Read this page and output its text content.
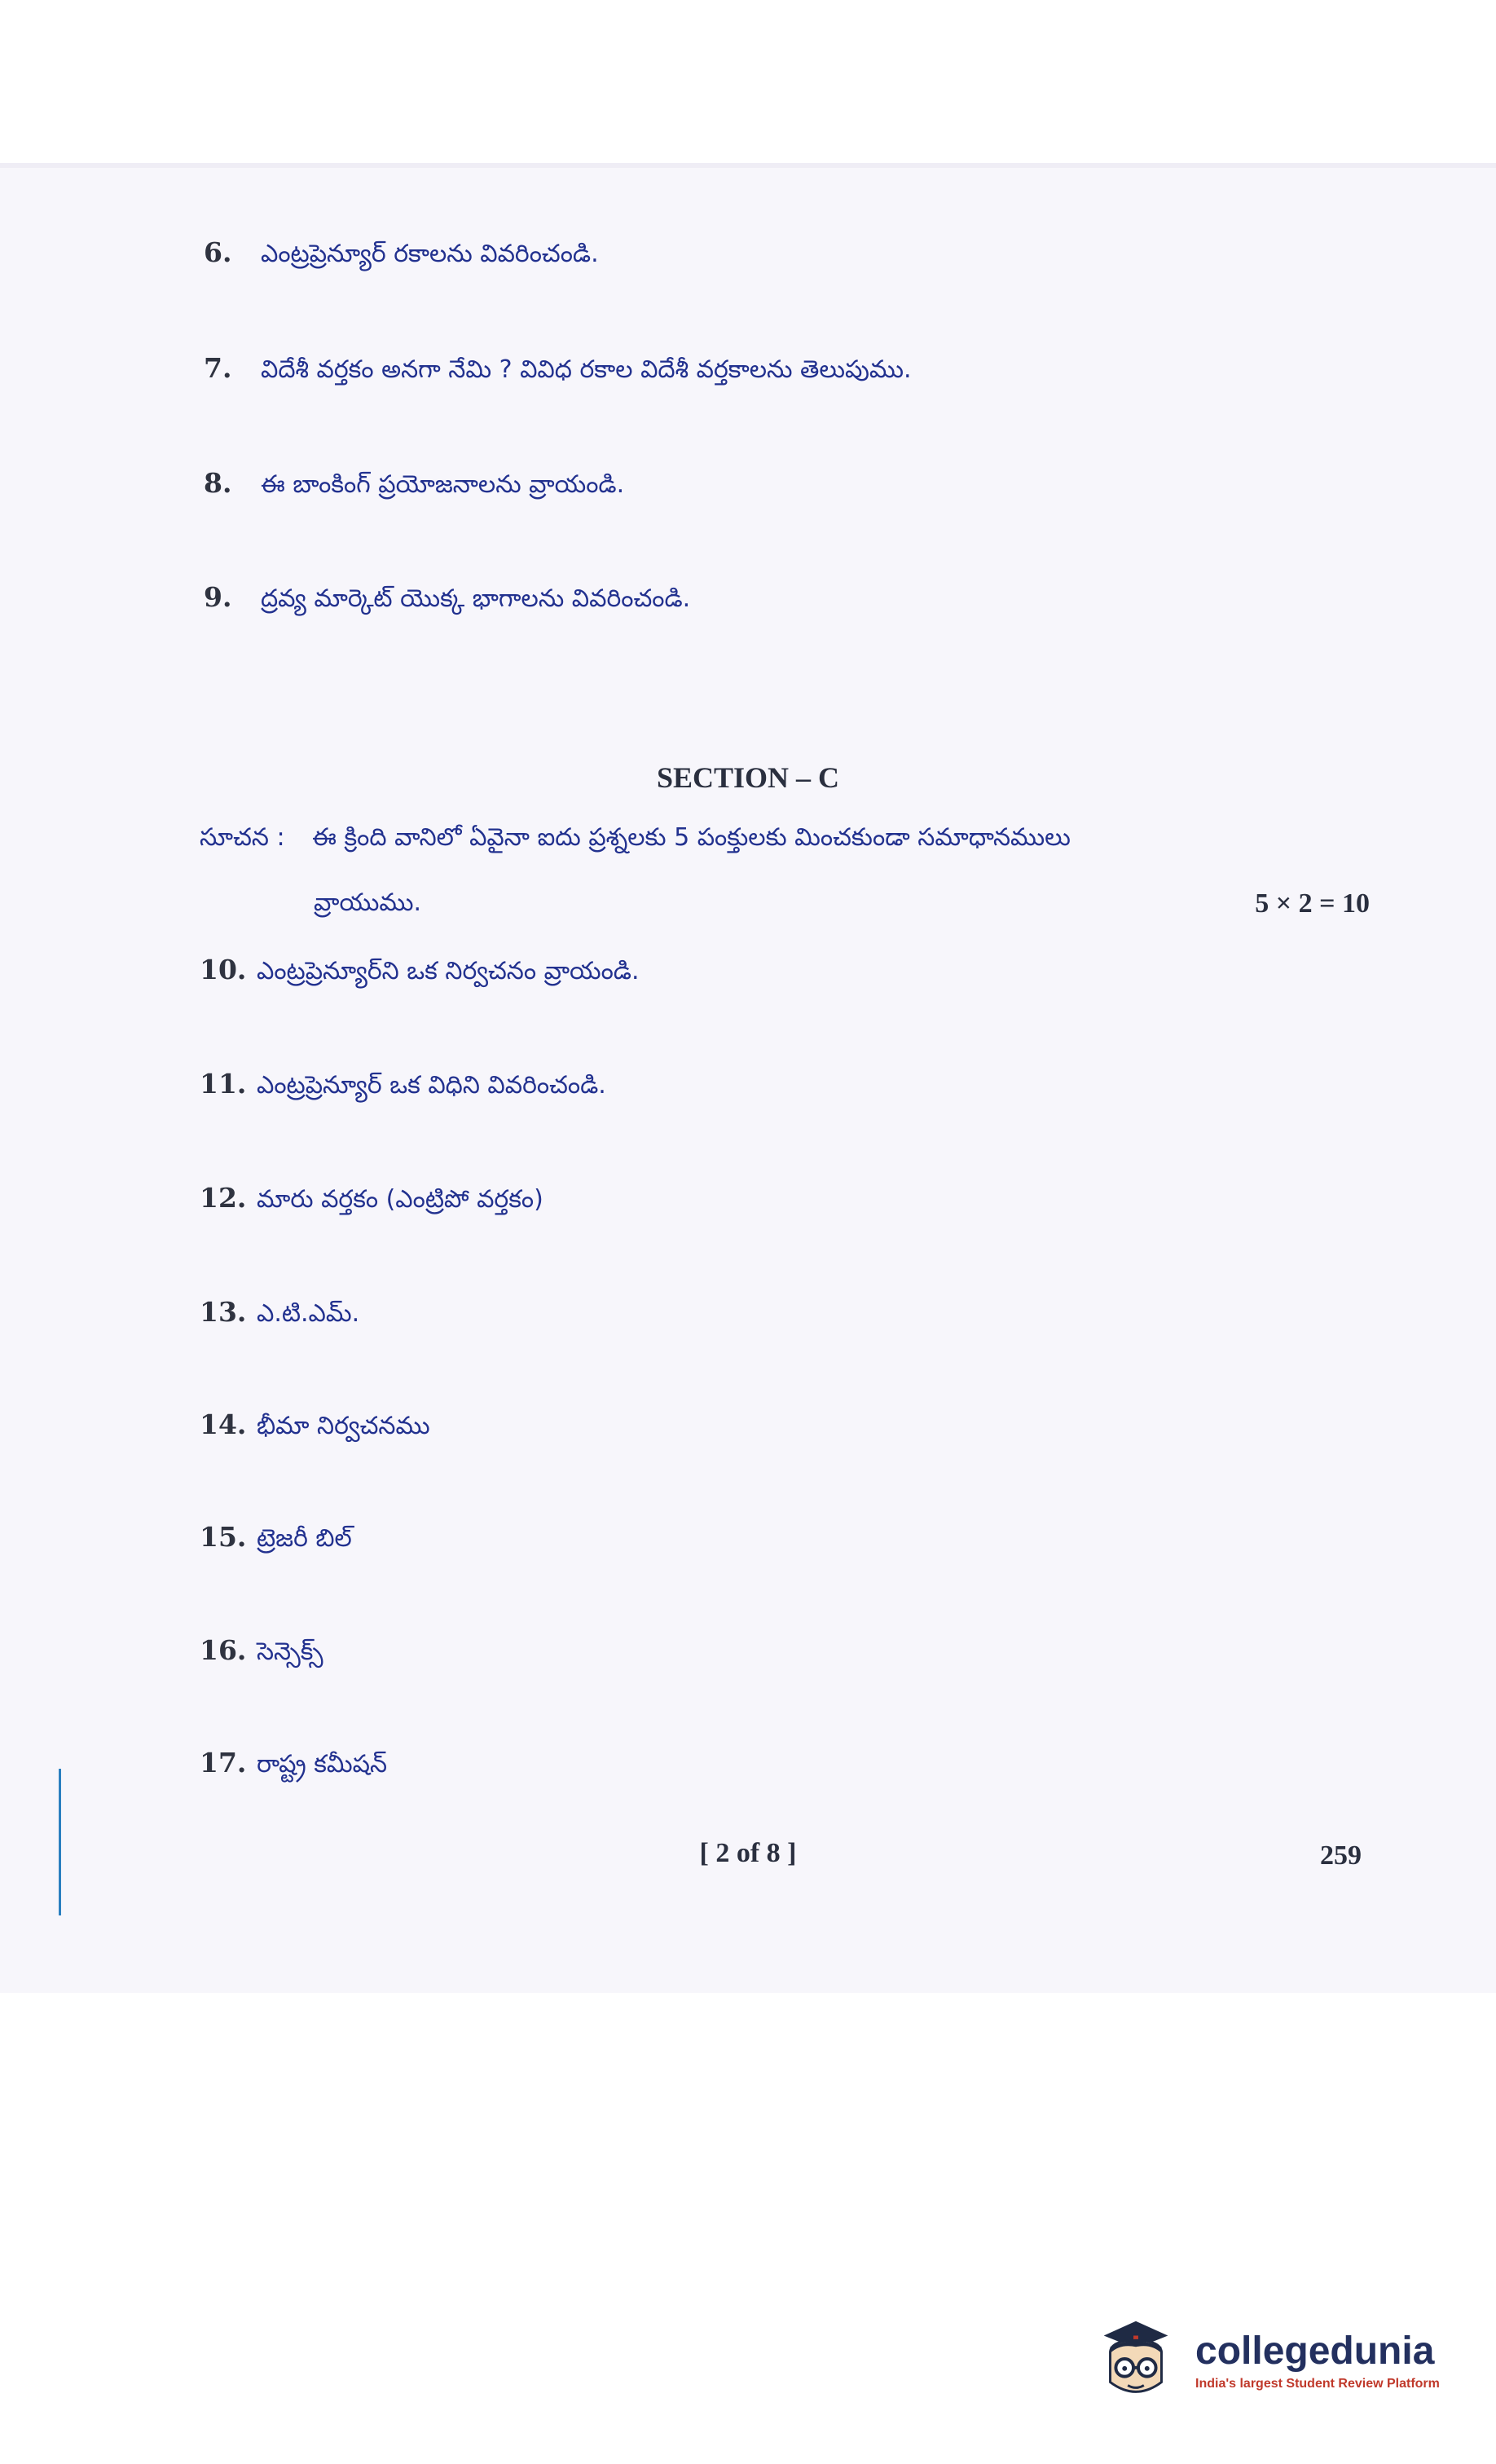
6.	ఎంట్రప్రెన్యూర్ రకాలను వివరించండి.
7.	విదేశీ వర్తకం అనగా నేమి ? వివిధ రకాల విదేశీ వర్తకాలను తెలుపుము.
8.	ఈ బాంకింగ్ ప్రయోజనాలను వ్రాయండి.
9.	ద్రవ్య మార్కెట్ యొక్క భాగాలను వివరించండి.
SECTION – C
సూచన : ఈ క్రింది వానిలో ఏవైనా ఐదు ప్రశ్నలకు 5 పంక్తులకు మించకుండా సమాధానములు
వ్రాయుము.	5 × 2 = 10
10. ఎంట్రప్రెన్యూర్‌ని ఒక నిర్వచనం వ్రాయండి.
11. ఎంట్రప్రెన్యూర్ ఒక విధిని వివరించండి.
12. మారు వర్తకం (ఎంట్రిపో వర్తకం)
13. ఎ.టి.ఎమ్.
14. భీమా నిర్వచనము
15. ట్రెజరీ బిల్
16. సెన్సెక్స్
17. రాష్ట్ర కమీషన్
[ 2 of 8 ]	259
collegedunia
India's largest Student Review Platform
